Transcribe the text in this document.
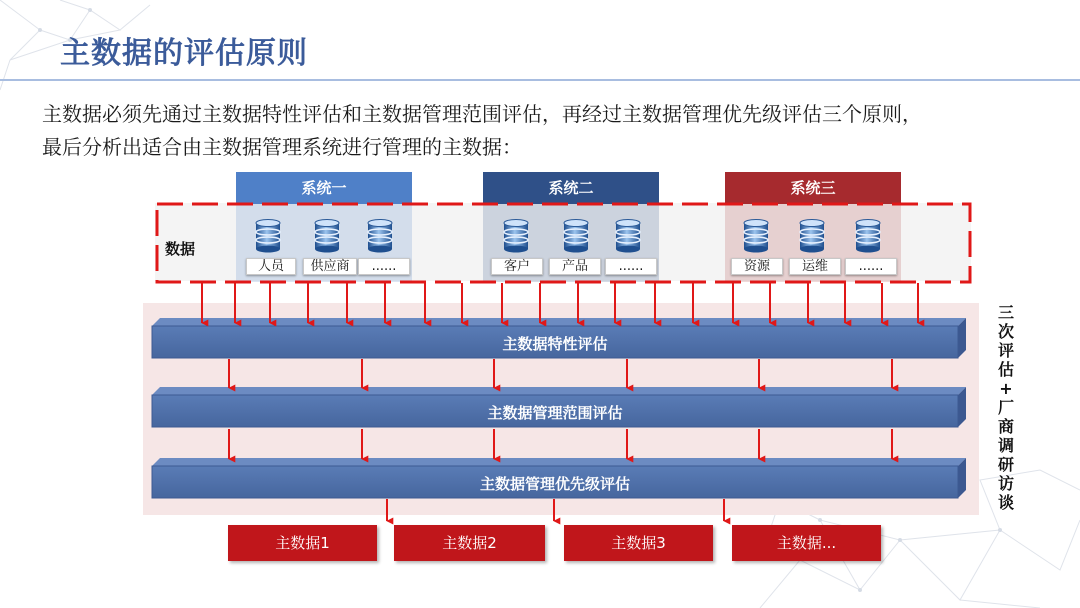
主数据的评估原则
主数据必须先通过主数据特性评估和主数据管理范围评估，再经过主数据管理优先级评估三个原则，
最后分析出适合由主数据管理系统进行管理的主数据：
系统一	系统二	系统三
数据
人员	供应商	......	客户	产品	......	资源	运维	......
主数据特性评估
主数据管理范围评估
主数据管理优先级评估
三
次
评
估
+
厂
商
调
研
访
谈
主数据1	主数据2	主数据3	主数据...
